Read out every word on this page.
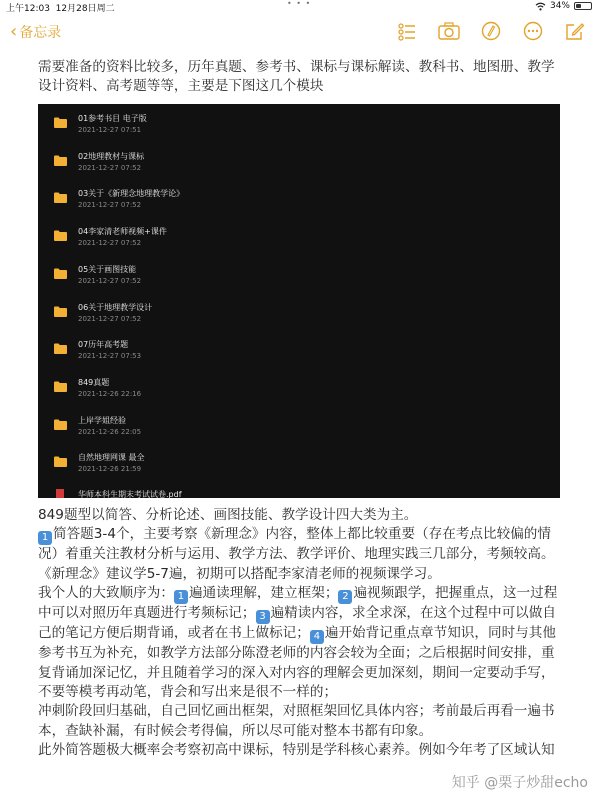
上午12:03 12月28日周二
• • •	34%
‹ 备忘录
需要准备的资料比较多，历年真题、参考书、课标与课标解读、教科书、地图册、教学设计资料、高考题等等，主要是下图这几个模块
01参考书目 电子版
2021-12-27 07:51
02地理教材与课标
2021-12-27 07:52
03关于《新理念地理教学论》
2021-12-27 07:52
04李家清老师视频+课件
2021-12-27 07:52
05关于画图技能
2021-12-27 07:52
06关于地理教学设计
2021-12-27 07:52
07历年高考题
2021-12-27 07:53
849真题
2021-12-26 22:16
上岸学姐经验
2021-12-26 22:05
自然地理网课 最全
2021-12-26 21:59
华师本科生期末考试试卷.pdf

849题型以简答、分析论述、画图技能、教学设计四大类为主。

1 简答题3-4个，主要考察《新理念》内容，整体上都比较重要（存在考点比较偏的情况）着重关注教材分析与运用、教学方法、教学评价、地理实践三几部分，考频较高。

《新理念》建议学5-7遍，初期可以搭配李家清老师的视频课学习。

我个人的大致顺序为： 1 遍通读理解，建立框架； 2 遍视频跟学，把握重点，这一过程中可以对照历年真题进行考频标记； 3 遍精读内容，求全求深，在这个过程中可以做自己的笔记方便后期背诵，或者在书上做标记； 4 遍开始背记重点章节知识，同时与其他参考书互为补充，如教学方法部分陈澄老师的内容会较为全面；之后根据时间安排，重复背诵加深记忆，并且随着学习的深入对内容的理解会更加深刻，期间一定要动手写，不要等模考再动笔，背会和写出来是很不一样的；

冲刺阶段回归基础，自己回忆画出框架，对照框架回忆具体内容；考前最后再看一遍书本，查缺补漏，有时候会考得偏，所以尽可能对整本书都有印象。

此外简答题极大概率会考察初高中课标，特别是学科核心素养。例如今年考了区域认知

知乎 @栗子炒甜echo
